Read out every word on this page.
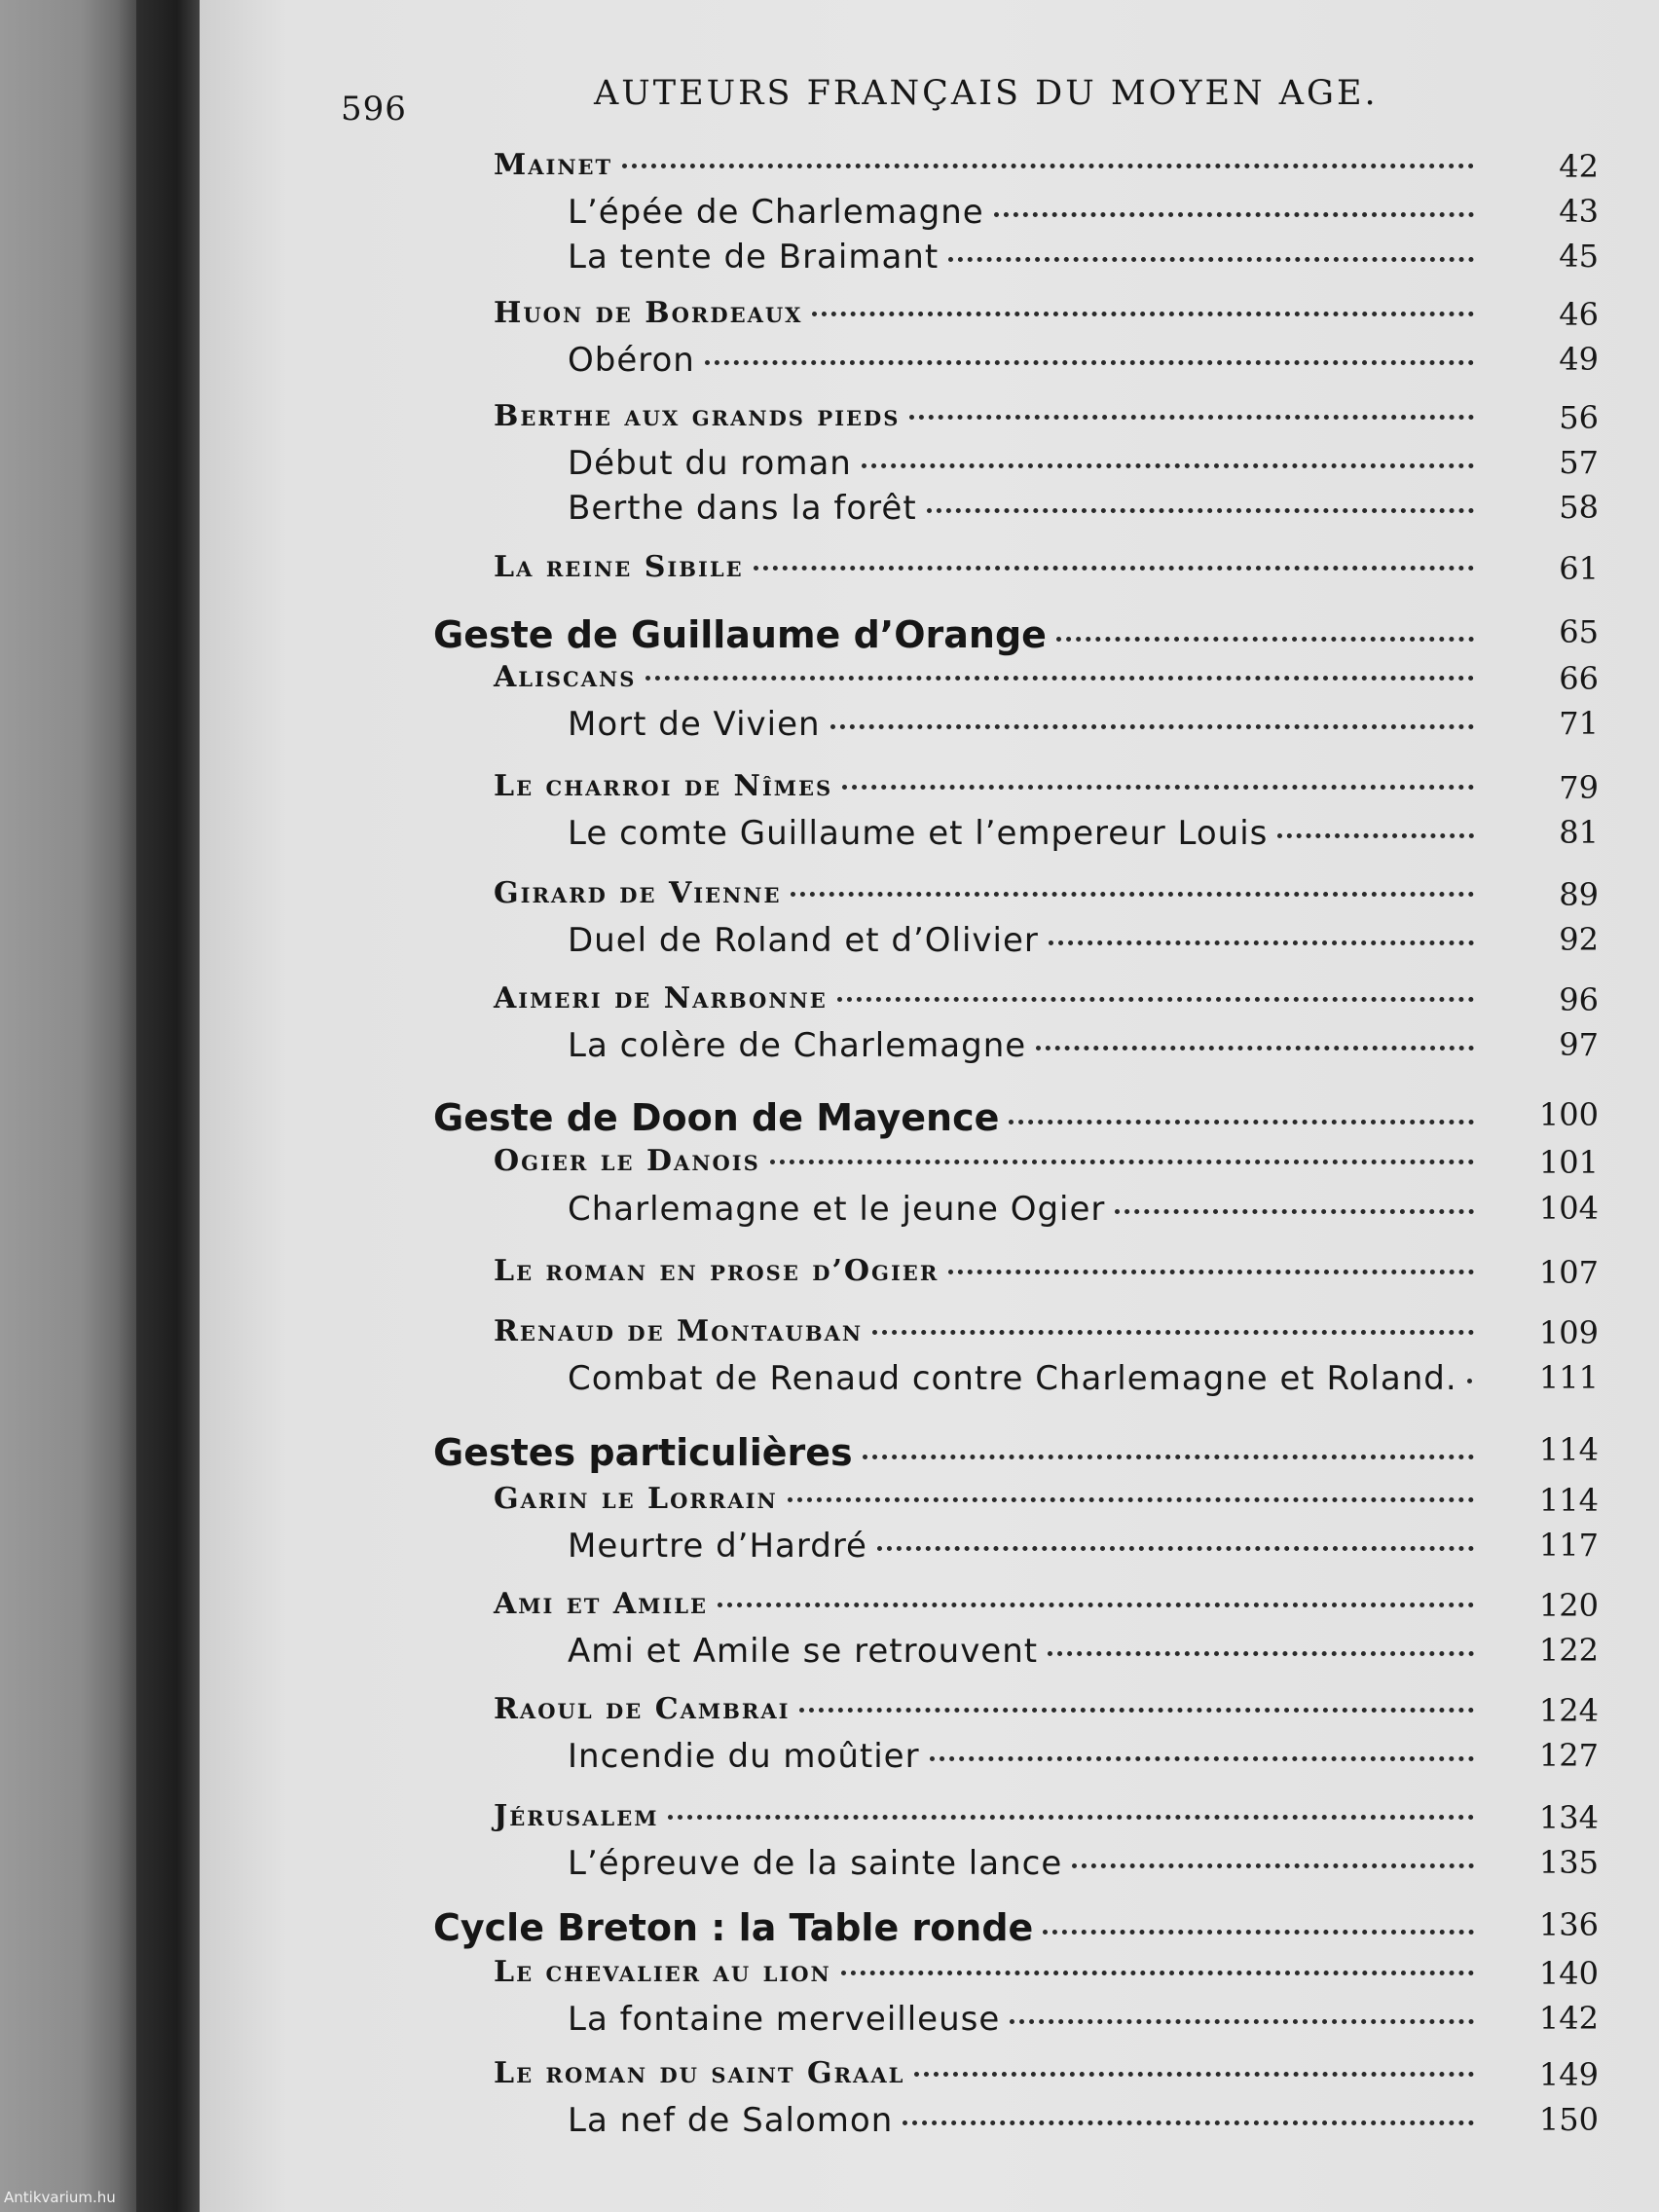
596	AUTEURS FRANÇAIS DU MOYEN AGE.
Mainet	42
L’épée de Charlemagne	43
La tente de Braimant	45
Huon de Bordeaux	46
Obéron	49
Berthe aux grands pieds	56
Début du roman	57
Berthe dans la forêt	58
La reine Sibile	61
Geste de Guillaume d’Orange	65
Aliscans	66
Mort de Vivien	71
Le charroi de Nîmes	79
Le comte Guillaume et l’empereur Louis	81
Girard de Vienne	89
Duel de Roland et d’Olivier	92
Aimeri de Narbonne	96
La colère de Charlemagne	97
Geste de Doon de Mayence	100
Ogier le Danois	101
Charlemagne et le jeune Ogier	104
Le roman en prose d’Ogier	107
Renaud de Montauban	109
Combat de Renaud contre Charlemagne et Roland.	111
Gestes particulières	114
Garin le Lorrain	114
Meurtre d’Hardré	117
Ami et Amile	120
Ami et Amile se retrouvent	122
Raoul de Cambrai	124
Incendie du moûtier	127
Jérusalem	134
L’épreuve de la sainte lance	135
Cycle Breton : la Table ronde	136
Le chevalier au lion	140
La fontaine merveilleuse	142
Le roman du saint Graal	149
La nef de Salomon	150
Antikvarium.hu
